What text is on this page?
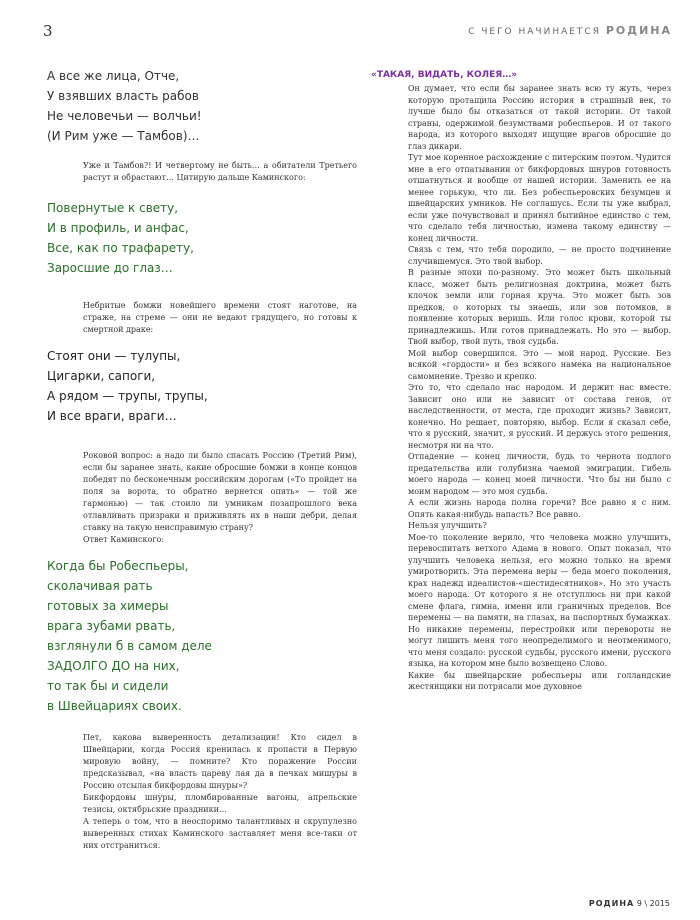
3	С ЧЕГО НАЧИНАЕТСЯ РОДИНА
А все же лица, Отче,
У взявших власть рабов
Не человечьи — волчьи!
(И Рим уже — Тамбов)…

Уже и Тамбов?! И четвертому не быть… а обитатели Третьего растут и обрастают… Цитирую дальше Каминского:

Повернутые к свету,
И в профиль, и анфас,
Все, как по трафарету,
Заросшие до глаз…

Небритые бомжи новейшего времени стоят наготове, на страже, на стреме — они не ведают грядущего, но готовы к смертной драке:

Стоят они — тулупы,
Цигарки, сапоги,
А рядом — трупы, трупы,
И все враги, враги…

Роковой вопрос: а надо ли было спасать Россию (Третий Рим), если бы заранее знать, какие обросшие бомжи в конце концов победят по бесконечным российским дорогам («То пройдет на поля за ворота, то обратно вернется опять» — той же гармонью) — так стоило ли умникам позапрошлого века отлавливать призраки и приживлять их в наши дебри, делая ставку на такую неисправимую страну?

Ответ Каминского:

Когда бы Робеспьеры,
сколачивая рать
готовых за химеры
врага зубами рвать,
взглянули б в самом деле
ЗАДОЛГО ДО на них,
то так бы и сидели
в Швейцариях своих.

Пет, какова выверенность детализации! Кто сидел в Швейцарии, когда Россия кренилась к пропасти в Первую мировую войну, — помните? Кто поражение России предсказывал, «на власть цареву лая да в печках мишуры в Россию отсылая бикфордовы шнуры»?

Бикфордовы шнуры, пломбированные вагоны, апрельские тезисы, октябрьские праздники…

А теперь о том, что в неоспоримо талантливых и скрупулезно выверенных стихах Каминского заставляет меня все-таки от них отстраниться.

«ТАКАЯ, ВИДАТЬ, КОЛЕЯ…»

Он думает, что если бы заранее знать всю ту жуть, через которую протащила Россию история в страшный век, то лучше было бы отказаться от такой истории. От такой страны, одержимой безумствами робеспьеров. И от такого народа, из которого выходят ищущие врагов обросшие до глаз дикари.

Тут мое коренное расхождение с питерским поэтом. Чудится мне в его отпатывании от бикфордовых шнуров готовность отшатнуться и вообще от нашей истории. Заменить ее на менее горькую, что ли. Без робеспьеровских безумцев и швейцарских умников. Не соглашусь. Если ты уже выбрал, если уже почувствовал и принял бытийное единство с тем, что сделало тебя личностью, измена такому единству — конец личности.

Связь с тем, что тебя породило, — не просто подчинение случившемуся. Это твой выбор.

В разные эпохи по-разному. Это может быть школьный класс, может быть религиозная доктрина, может быть клочок земли или горная круча. Это может быть зов предков, о которых ты знаешь, или зов потомков, в появление которых веришь. Или голос крови, которой ты принадлежишь. Или готов принадлежать. Но это — выбор. Твой выбор, твой путь, твоя судьба.

Мой выбор совершился. Это — мой народ. Русские. Без всякой «гордости» и без всякого намека на национальное самомнение. Трезво и крепко.

Это то, что сделало нас народом. И держит нас вместе. Зависит оно или не зависит от состава генов, от наследственности, от места, где проходит жизнь? Зависит, конечно. Но решает, повторяю, выбор. Если я сказал себе, что я русский, значит, я русский. И держусь этого решения, несмотря ни на что.

Отпадение — конец личности, будь то чернота подлого предательства или голубизна чаемой эмиграции. Гибель моего народа — конец моей личности. Что бы ни было с моим народом — это моя судьба.

А если жизнь народа полна горечи? Все равно я с ним. Опять какая-нибудь напасть? Все равно.

Нельзя улучшить?

Мое-то поколение верило, что человека можно улучшить, перевоспитать ветхого Адама в нового. Опыт показал, что улучшить человека нельзя, его можно только на время умиротворить. Эта перемена веры — беда моего поколения, крах надежд идеалистов-«шестидесятников». Но это участь моего народа. От которого я не отступлюсь ни при какой смене флага, гимна, имени или граничных пределов. Все перемены — на памяти, на глазах, на паспортных бумажках. Но никакие перемены, перестройки или перевороты не могут лишить меня того неопределимого и неотменимого, что меня создало: русской судьбы, русского имени, русского языка, на котором мне было возвещено Слово.

Какие бы швейцарские робеспьеры или голландские жестянщики ни потрясали мое духовное

РОДИНА 9 \ 2015
